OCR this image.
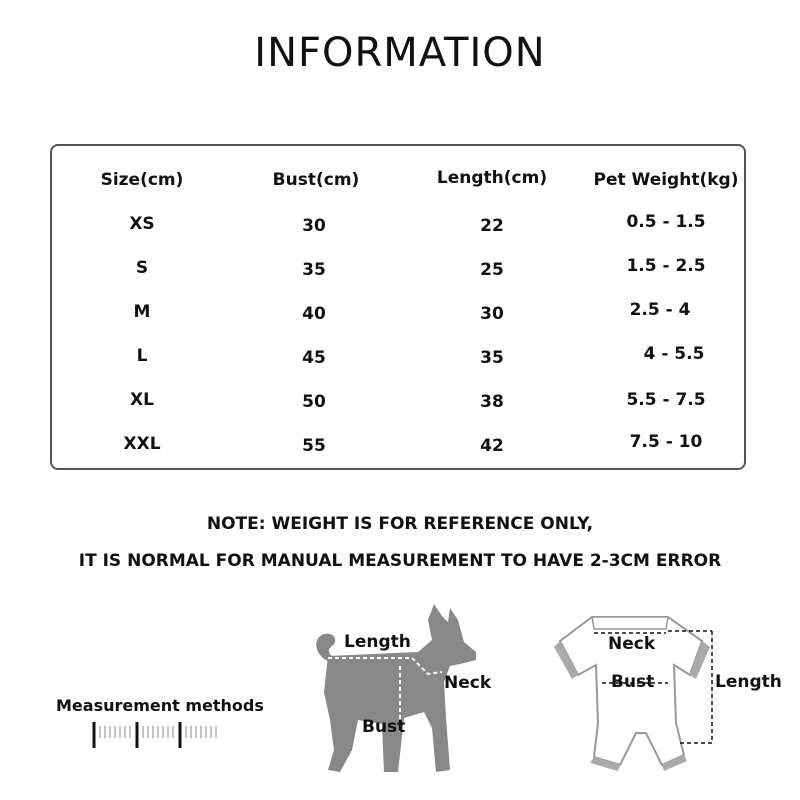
INFORMATION
Size(cm)	Bust(cm)	Length(cm)	Pet Weight(kg)
XS	30	22	0.5 - 1.5
S	35	25	1.5 - 2.5
M	40	30	2.5 - 4
L	45	35	4 - 5.5
XL	50	38	5.5 - 7.5
XXL	55	42	7.5 - 10
NOTE: WEIGHT IS FOR REFERENCE ONLY,
IT IS NORMAL FOR MANUAL MEASUREMENT TO HAVE 2-3CM ERROR
Measurement methods
Length
Neck
Bust
Neck
Bust	Length
